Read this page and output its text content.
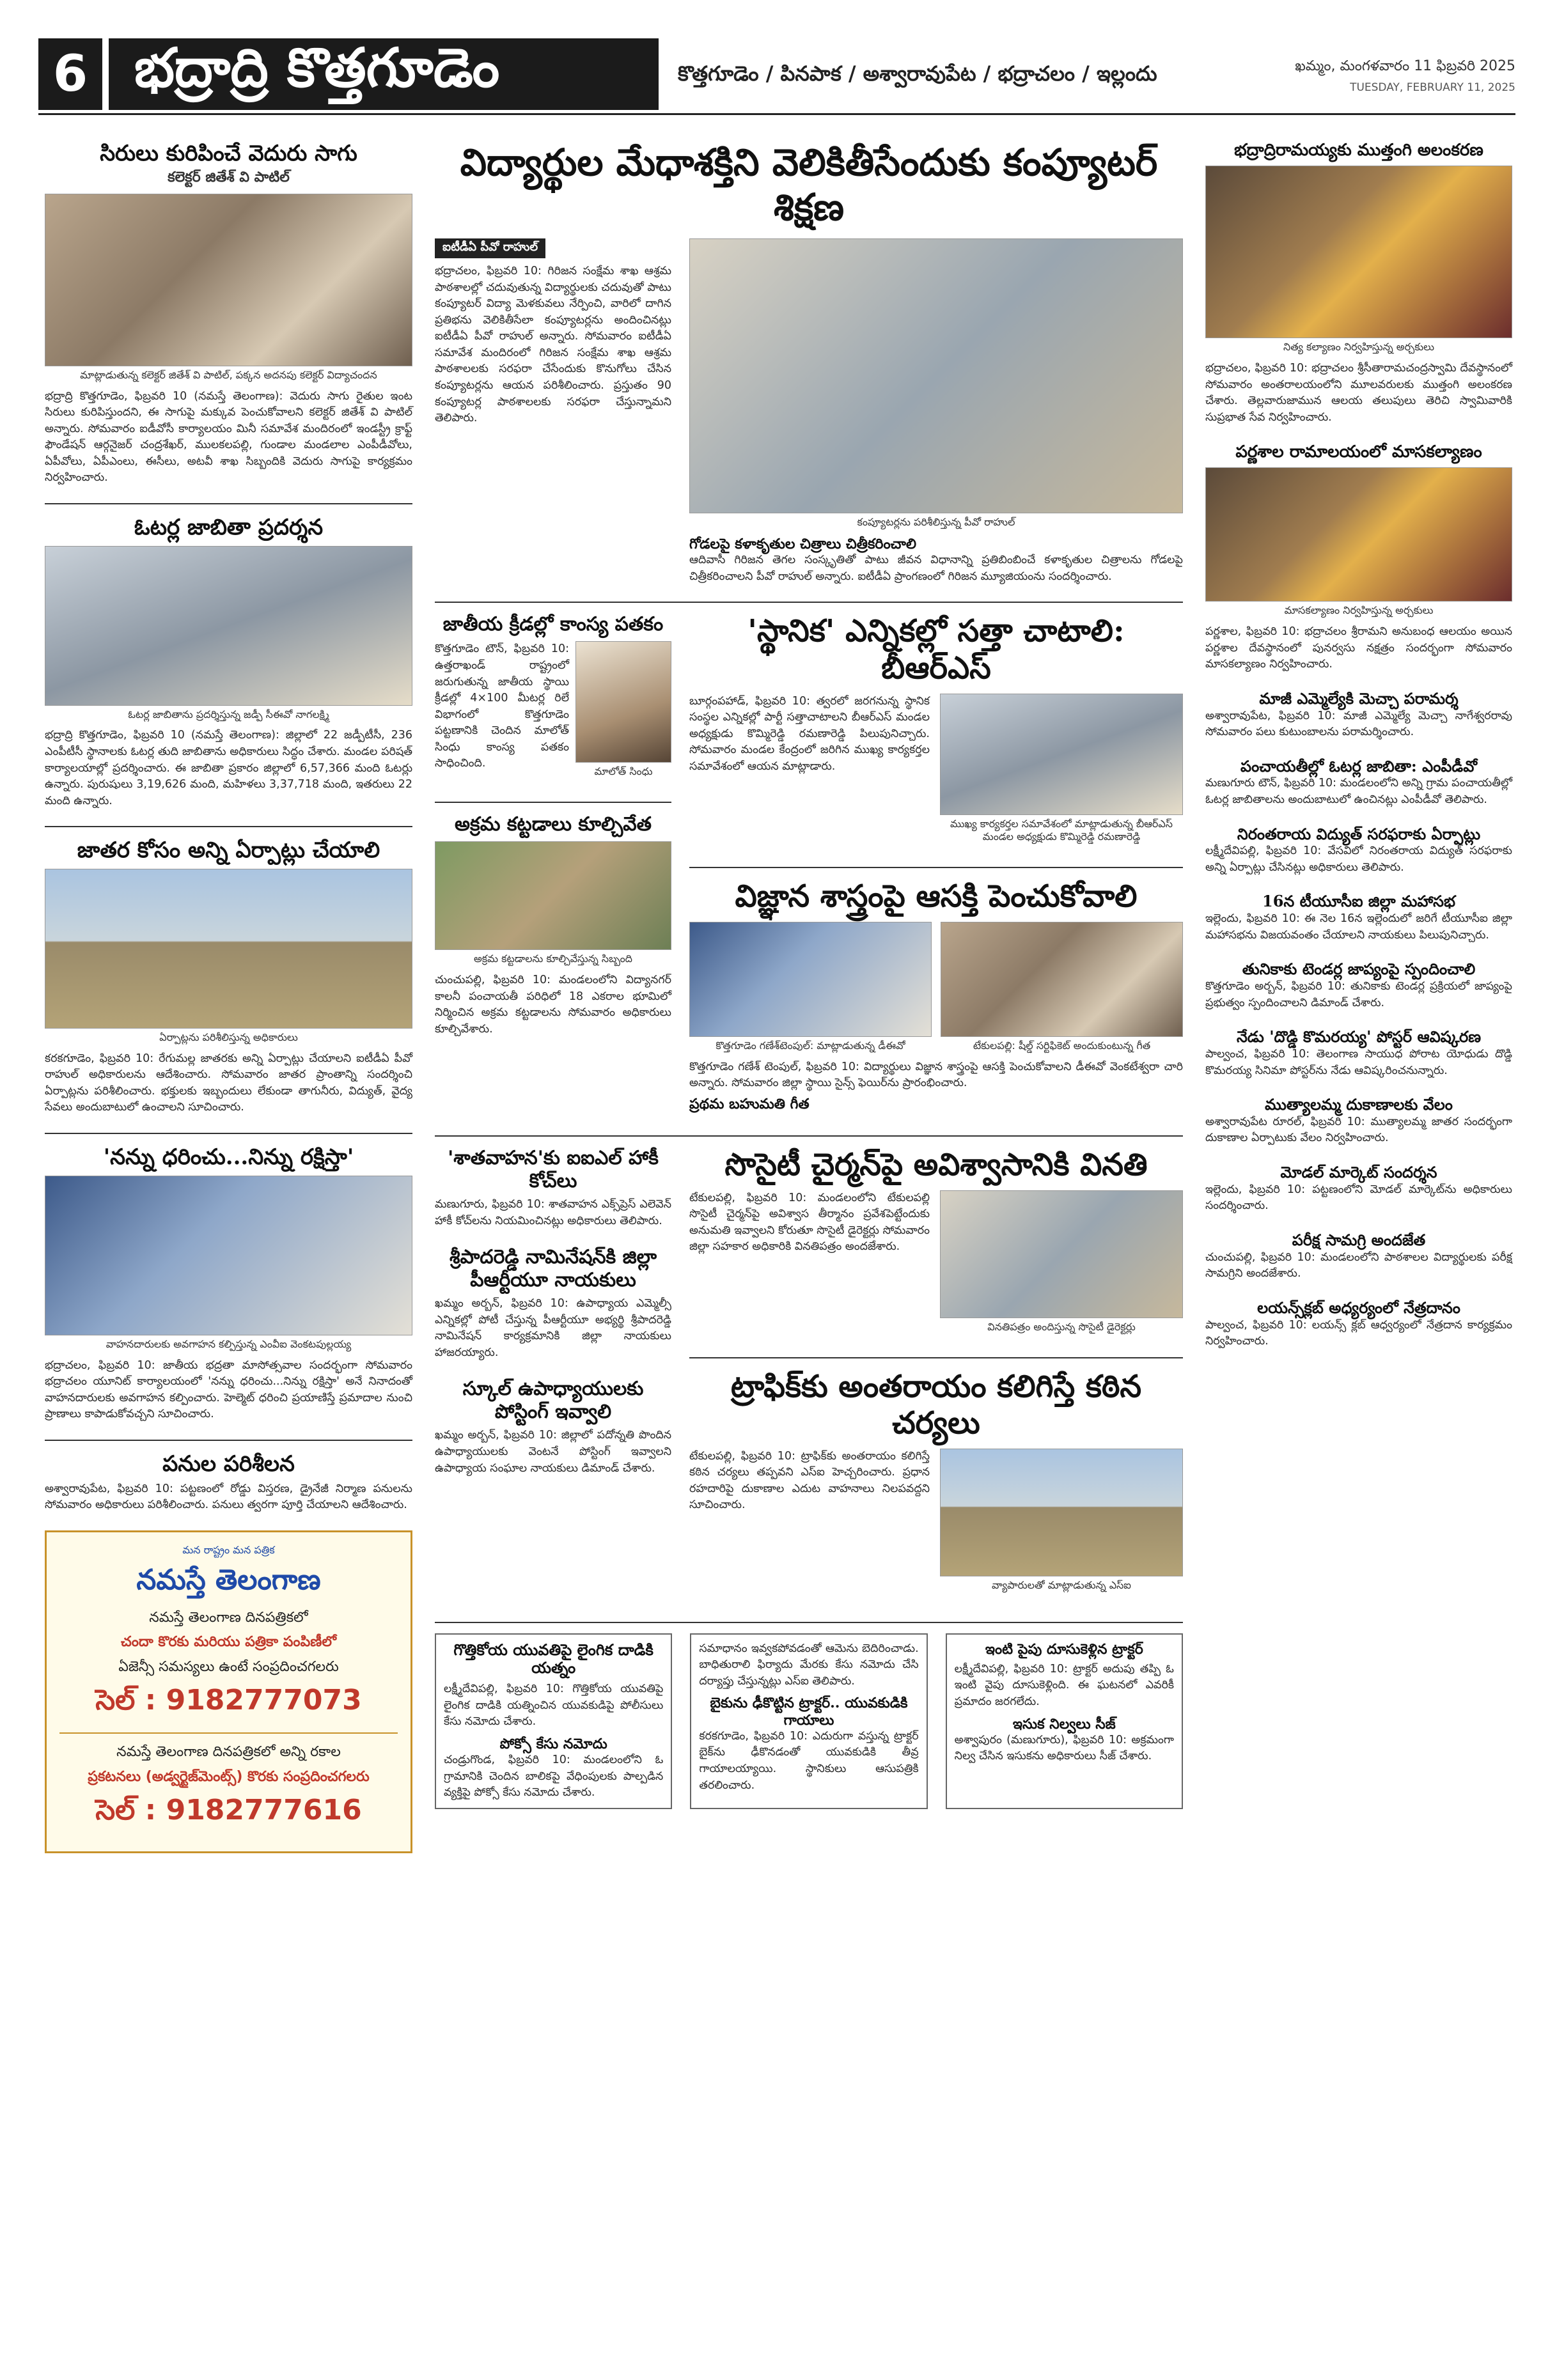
6 భద్రాద్రి కొత్తగూడెం	కొత్తగూడెం / పినపాక / అశ్వారావుపేట / భద్రాచలం / ఇల్లందు	ఖమ్మం, మంగళవారం 11 ఫిబ్రవరి 2025
TUESDAY, FEBRUARY 11, 2025
సిరులు కురిపించే వెదురు సాగు
కలెక్టర్ జితేశ్ వి పాటిల్
మాట్లాడుతున్న కలెక్టర్ జితేశ్ వి పాటిల్, పక్కన అదనపు కలెక్టర్ విద్యాచందన
భద్రాద్రి కొత్తగూడెం, ఫిబ్రవరి 10 (నమస్తే తెలంగాణ): వెదురు సాగు రైతుల ఇంట సిరులు కురిపిస్తుందని, ఈ సాగుపై మక్కువ పెంచుకోవాలని కలెక్టర్ జితేశ్ వి పాటిల్ అన్నారు. సోమవారం ఐడీవోసీ కార్యాలయం మినీ సమావేశ మందిరంలో ఇండస్ట్రీ క్రాఫ్ట్ ఫౌండేషన్ ఆర్గనైజర్ చంద్రశేఖర్, ములకలపల్లి, గుండాల మండలాల ఎంపీడీవోలు, ఏపీవోలు, ఏపీఎంలు, ఈసీలు, అటవీ శాఖ సిబ్బందికి వెదురు సాగుపై కార్యక్రమం నిర్వహించారు.
ఓటర్ల జాబితా ప్రదర్శన
ఓటర్ల జాబితాను ప్రదర్శిస్తున్న జడ్పీ సీఈవో నాగలక్ష్మి
భద్రాద్రి కొత్తగూడెం, ఫిబ్రవరి 10 (నమస్తే తెలంగాణ): జిల్లాలో 22 జడ్పీటీసీ, 236 ఎంపీటీసీ స్థానాలకు ఓటర్ల తుది జాబితాను అధికారులు సిద్ధం చేశారు. మండల పరిషత్ కార్యాలయాల్లో ప్రదర్శించారు. ఈ జాబితా ప్రకారం జిల్లాలో 6,57,366 మంది ఓటర్లు ఉన్నారు. పురుషులు 3,19,626 మంది, మహిళలు 3,37,718 మంది, ఇతరులు 22 మంది ఉన్నారు.
జాతర కోసం అన్ని ఏర్పాట్లు చేయాలి
ఏర్పాట్లను పరిశీలిస్తున్న అధికారులు
కరకగూడెం, ఫిబ్రవరి 10: రేగుమల్ల జాతరకు అన్ని ఏర్పాట్లు చేయాలని ఐటీడీఏ పీవో రాహుల్ అధికారులను ఆదేశించారు. సోమవారం జాతర ప్రాంతాన్ని సందర్శించి ఏర్పాట్లను పరిశీలించారు. భక్తులకు ఇబ్బందులు లేకుండా తాగునీరు, విద్యుత్, వైద్య సేవలు అందుబాటులో ఉంచాలని సూచించారు.
'నన్ను ధరించు...నిన్ను రక్షిస్తా'
వాహనదారులకు అవగాహన కల్పిస్తున్న ఎంవీఐ వెంకటపుల్లయ్య
భద్రాచలం, ఫిబ్రవరి 10: జాతీయ భద్రతా మాసోత్సవాల సందర్భంగా సోమవారం భద్రాచలం యూనిట్ కార్యాలయంలో 'నన్ను ధరించు...నిన్ను రక్షిస్తా' అనే నినాదంతో వాహనదారులకు అవగాహన కల్పించారు. హెల్మెట్ ధరించి ప్రయాణిస్తే ప్రమాదాల నుంచి ప్రాణాలు కాపాడుకోవచ్చని సూచించారు.
పనుల పరిశీలన
అశ్వారావుపేట, ఫిబ్రవరి 10: పట్టణంలో రోడ్డు విస్తరణ, డ్రైనేజీ నిర్మాణ పనులను సోమవారం అధికారులు పరిశీలించారు. పనులు త్వరగా పూర్తి చేయాలని ఆదేశించారు.
మన రాష్ట్రం మన పత్రిక
నమస్తే తెలంగాణ
నమస్తే తెలంగాణ దినపత్రికలో
చందా కొరకు మరియు పత్రికా పంపిణీలో
ఏజెన్సీ సమస్యలు ఉంటే సంప్రదించగలరు
సెల్ : 9182777073
నమస్తే తెలంగాణ దినపత్రికలో అన్ని రకాల
ప్రకటనలు (అడ్వర్టైజ్‌మెంట్స్) కొరకు సంప్రదించగలరు
సెల్ : 9182777616
విద్యార్థుల మేధాశక్తిని వెలికితీసేందుకు కంప్యూటర్ శిక్షణ
ఐటీడీఏ పీవో రాహుల్
భద్రాచలం, ఫిబ్రవరి 10: గిరిజన సంక్షేమ శాఖ ఆశ్రమ పాఠశాలల్లో చదువుతున్న విద్యార్థులకు చదువుతో పాటు కంప్యూటర్ విద్యా మెళకువలు నేర్పించి, వారిలో దాగిన ప్రతిభను వెలికితీసేలా కంప్యూటర్లను అందించినట్లు ఐటీడీఏ పీవో రాహుల్ అన్నారు. సోమవారం ఐటీడీఏ సమావేశ మందిరంలో గిరిజన సంక్షేమ శాఖ ఆశ్రమ పాఠశాలలకు సరఫరా చేసేందుకు కొనుగోలు చేసిన కంప్యూటర్లను ఆయన పరిశీలించారు. ప్రస్తుతం 90 కంప్యూటర్ల పాఠశాలలకు సరఫరా చేస్తున్నామని తెలిపారు.
కంప్యూటర్లను పరిశీలిస్తున్న పీవో రాహుల్
గోడలపై కళాకృతుల చిత్రాలు చిత్రీకరించాలి
ఆదివాసీ గిరిజన తెగల సంస్కృతితో పాటు జీవన విధానాన్ని ప్రతిబింబించే కళాకృతుల చిత్రాలను గోడలపై చిత్రీకరించాలని పీవో రాహుల్ అన్నారు. ఐటీడీఏ ప్రాంగణంలో గిరిజన మ్యూజియంను సందర్శించారు.
జాతీయ క్రీడల్లో కాంస్య పతకం
కొత్తగూడెం టౌన్, ఫిబ్రవరి 10: ఉత్తరాఖండ్ రాష్ట్రంలో జరుగుతున్న జాతీయ స్థాయి క్రీడల్లో 4×100 మీటర్ల రిలే విభాగంలో కొత్తగూడెం పట్టణానికి చెందిన మాలోత్ సింధు కాంస్య పతకం సాధించింది.
మాలోత్ సింధు
అక్రమ కట్టడాలు కూల్చివేత
అక్రమ కట్టడాలను కూల్చివేస్తున్న సిబ్బంది
చుంచుపల్లి, ఫిబ్రవరి 10: మండలంలోని విద్యానగర్ కాలనీ పంచాయతీ పరిధిలో 18 ఎకరాల భూమిలో నిర్మించిన అక్రమ కట్టడాలను సోమవారం అధికారులు కూల్చివేశారు.
'స్థానిక' ఎన్నికల్లో సత్తా చాటాలి: బీఆర్ఎస్
బూర్గంపహాడ్, ఫిబ్రవరి 10: త్వరలో జరగనున్న స్థానిక సంస్థల ఎన్నికల్లో పార్టీ సత్తాచాటాలని బీఆర్ఎస్ మండల అధ్యక్షుడు కొమ్మిరెడ్డి రమణారెడ్డి పిలుపునిచ్చారు. సోమవారం మండల కేంద్రంలో జరిగిన ముఖ్య కార్యకర్తల సమావేశంలో ఆయన మాట్లాడారు.
ముఖ్య కార్యకర్తల సమావేశంలో మాట్లాడుతున్న బీఆర్ఎస్ మండల అధ్యక్షుడు కొమ్మిరెడ్డి రమణారెడ్డి
విజ్ఞాన శాస్త్రంపై ఆసక్తి పెంచుకోవాలి
కొత్తగూడెం గణేశ్‌టెంపుల్: మాట్లాడుతున్న డీఈవో	టేకులపల్లి: షీల్డ్ సర్టిఫికెట్ అందుకుంటున్న గీత
కొత్తగూడెం గణేశ్ టెంపుల్, ఫిబ్రవరి 10: విద్యార్థులు విజ్ఞాన శాస్త్రంపై ఆసక్తి పెంచుకోవాలని డీఈవో వెంకటేశ్వరా చారి అన్నారు. సోమవారం జిల్లా స్థాయి సైన్స్ ఫెయిర్‌ను ప్రారంభించారు.
ప్రథమ బహుమతి గీత
'శాతవాహన'కు ఐఐఎల్ హాకీ కోచ్‌లు
మణుగూరు, ఫిబ్రవరి 10: శాతవాహన ఎక్స్‌ప్రెస్ ఎలెవెన్ హాకీ కోచ్‌లను నియమించినట్లు అధికారులు తెలిపారు.
శ్రీపాదరెడ్డి నామినేషన్‌కి జిల్లా పీఆర్టీయూ నాయకులు
ఖమ్మం అర్బన్, ఫిబ్రవరి 10: ఉపాధ్యాయ ఎమ్మెల్సీ ఎన్నికల్లో పోటీ చేస్తున్న పీఆర్టీయూ అభ్యర్థి శ్రీపాదరెడ్డి నామినేషన్ కార్యక్రమానికి జిల్లా నాయకులు హాజరయ్యారు.
స్కూల్ ఉపాధ్యాయులకు పోస్టింగ్ ఇవ్వాలి
ఖమ్మం అర్బన్, ఫిబ్రవరి 10: జిల్లాలో పదోన్నతి పొందిన ఉపాధ్యాయులకు వెంటనే పోస్టింగ్ ఇవ్వాలని ఉపాధ్యాయ సంఘాల నాయకులు డిమాండ్ చేశారు.
సొసైటీ చైర్మన్‌పై అవిశ్వాసానికి వినతి
టేకులపల్లి, ఫిబ్రవరి 10: మండలంలోని టేకులపల్లి సొసైటీ చైర్మన్‌పై అవిశ్వాస తీర్మానం ప్రవేశపెట్టేందుకు అనుమతి ఇవ్వాలని కోరుతూ సొసైటీ డైరెక్టర్లు సోమవారం జిల్లా సహకార అధికారికి వినతిపత్రం అందజేశారు.
వినతిపత్రం అందిస్తున్న సొసైటీ డైరెక్టర్లు
ట్రాఫిక్‌కు అంతరాయం కలిగిస్తే కఠిన చర్యలు
టేకులపల్లి, ఫిబ్రవరి 10: ట్రాఫిక్‌కు అంతరాయం కలిగిస్తే కఠిన చర్యలు తప్పవని ఎస్ఐ హెచ్చరించారు. ప్రధాన రహదారిపై దుకాణాల ఎదుట వాహనాలు నిలపవద్దని సూచించారు.
వ్యాపారులతో మాట్లాడుతున్న ఎస్ఐ
గొత్తికోయ యువతిపై లైంగిక దాడికి యత్నం
లక్ష్మీదేవిపల్లి, ఫిబ్రవరి 10: గొత్తికోయ యువతిపై లైంగిక దాడికి యత్నించిన యువకుడిపై పోలీసులు కేసు నమోదు చేశారు.
పోక్సో కేసు నమోదు
చండ్రుగొండ, ఫిబ్రవరి 10: మండలంలోని ఓ గ్రామానికి చెందిన బాలికపై వేధింపులకు పాల్పడిన వ్యక్తిపై పోక్సో కేసు నమోదు చేశారు.
సమాధానం ఇవ్వకపోవడంతో ఆమెను బెదిరించాడు. బాధితురాలి ఫిర్యాదు మేరకు కేసు నమోదు చేసి దర్యాప్తు చేస్తున్నట్లు ఎస్ఐ తెలిపారు.
బైకును ఢీకొట్టిన ట్రాక్టర్.. యువకుడికి గాయాలు
కరకగూడెం, ఫిబ్రవరి 10: ఎదురుగా వస్తున్న ట్రాక్టర్ బైక్‌ను ఢీకొనడంతో యువకుడికి తీవ్ర గాయాలయ్యాయి. స్థానికులు ఆసుపత్రికి తరలించారు.
ఇంటి పైపు దూసుకెళ్లిన ట్రాక్టర్
లక్ష్మీదేవిపల్లి, ఫిబ్రవరి 10: ట్రాక్టర్ అదుపు తప్పి ఓ ఇంటి వైపు దూసుకెళ్లింది. ఈ ఘటనలో ఎవరికీ ప్రమాదం జరగలేదు.
ఇసుక నిల్వలు సీజ్
అశ్వాపురం (మణుగూరు), ఫిబ్రవరి 10: అక్రమంగా నిల్వ చేసిన ఇసుకను అధికారులు సీజ్ చేశారు.
భద్రాద్రిరామయ్యకు ముత్తంగి అలంకరణ
నిత్య కల్యాణం నిర్వహిస్తున్న అర్చకులు
భద్రాచలం, ఫిబ్రవరి 10: భద్రాచలం శ్రీసీతారామచంద్రస్వామి దేవస్థానంలో సోమవారం అంతరాలయంలోని మూలవరులకు ముత్తంగి అలంకరణ చేశారు. తెల్లవారుజామున ఆలయ తలుపులు తెరిచి స్వామివారికి సుప్రభాత సేవ నిర్వహించారు.
పర్ణశాల రామాలయంలో మాసకల్యాణం
మాసకల్యాణం నిర్వహిస్తున్న అర్చకులు
పర్ణశాల, ఫిబ్రవరి 10: భద్రాచలం శ్రీరామని అనుబంధ ఆలయం అయిన పర్ణశాల దేవస్థానంలో పునర్వసు నక్షత్రం సందర్భంగా సోమవారం మాసకల్యాణం నిర్వహించారు.
మాజీ ఎమ్మెల్యేకి మెచ్చా పరామర్శ
అశ్వారావుపేట, ఫిబ్రవరి 10: మాజీ ఎమ్మెల్యే మెచ్చా నాగేశ్వరరావు సోమవారం పలు కుటుంబాలను పరామర్శించారు.
పంచాయతీల్లో ఓటర్ల జాబితా: ఎంపీడీవో
మణుగూరు టౌన్, ఫిబ్రవరి 10: మండలంలోని అన్ని గ్రామ పంచాయతీల్లో ఓటర్ల జాబితాలను అందుబాటులో ఉంచినట్లు ఎంపీడీవో తెలిపారు.
నిరంతరాయ విద్యుత్ సరఫరాకు ఏర్పాట్లు
లక్ష్మీదేవిపల్లి, ఫిబ్రవరి 10: వేసవిలో నిరంతరాయ విద్యుత్ సరఫరాకు అన్ని ఏర్పాట్లు చేసినట్లు అధికారులు తెలిపారు.
16న టీయూసీఐ జిల్లా మహాసభ
ఇల్లెందు, ఫిబ్రవరి 10: ఈ నెల 16న ఇల్లెందులో జరిగే టీయూసీఐ జిల్లా మహాసభను విజయవంతం చేయాలని నాయకులు పిలుపునిచ్చారు.
తునికాకు టెండర్ల జాప్యంపై స్పందించాలి
కొత్తగూడెం అర్బన్, ఫిబ్రవరి 10: తునికాకు టెండర్ల ప్రక్రియలో జాప్యంపై ప్రభుత్వం స్పందించాలని డిమాండ్ చేశారు.
నేడు 'దొడ్డి కొమరయ్య' పోస్టర్ ఆవిష్కరణ
పాల్వంచ, ఫిబ్రవరి 10: తెలంగాణ సాయుధ పోరాట యోధుడు దొడ్డి కొమరయ్య సినిమా పోస్టర్‌ను నేడు ఆవిష్కరించనున్నారు.
ముత్యాలమ్మ దుకాణాలకు వేలం
అశ్వారావుపేట రూరల్, ఫిబ్రవరి 10: ముత్యాలమ్మ జాతర సందర్భంగా దుకాణాల ఏర్పాటుకు వేలం నిర్వహించారు.
మోడల్ మార్కెట్ సందర్శన
ఇల్లెందు, ఫిబ్రవరి 10: పట్టణంలోని మోడల్ మార్కెట్‌ను అధికారులు సందర్శించారు.
పరీక్ష సామగ్రి అందజేత
చుంచుపల్లి, ఫిబ్రవరి 10: మండలంలోని పాఠశాలల విద్యార్థులకు పరీక్ష సామగ్రిని అందజేశారు.
లయన్స్‌క్లబ్ అధ్యర్యంలో నేత్రదానం
పాల్వంచ, ఫిబ్రవరి 10: లయన్స్ క్లబ్ ఆధ్వర్యంలో నేత్రదాన కార్యక్రమం నిర్వహించారు.
